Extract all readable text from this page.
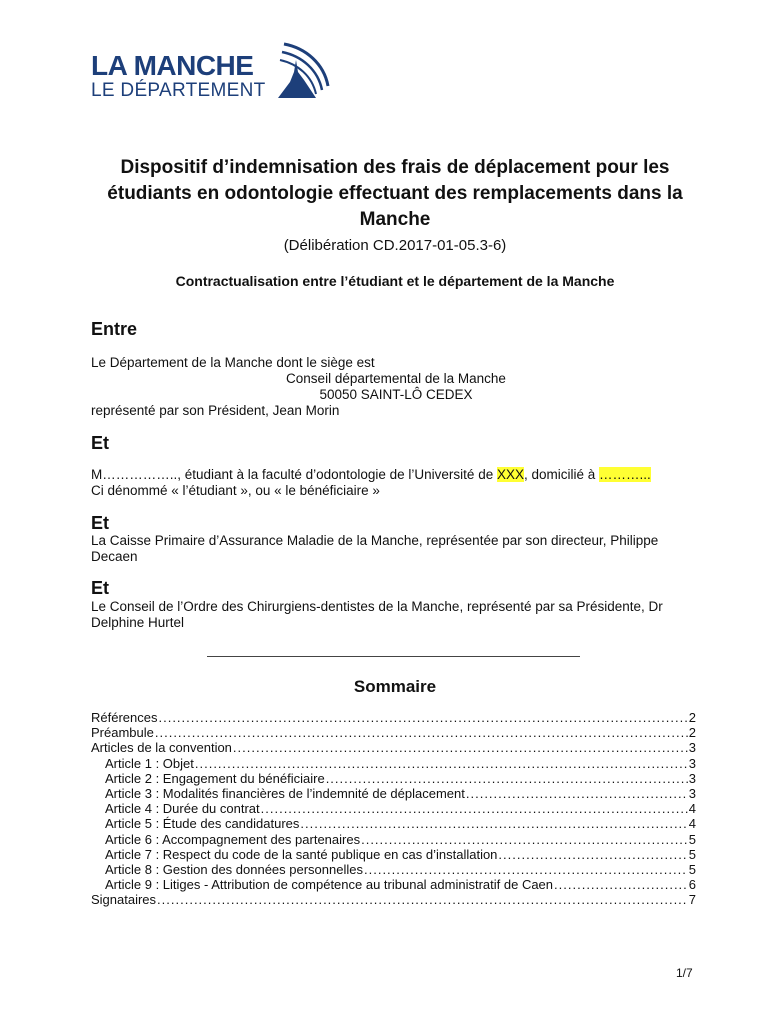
LA MANCHE
LE DÉPARTEMENT
Dispositif d’indemnisation des frais de déplacement pour les étudiants en odontologie effectuant des remplacements dans la Manche
(Délibération CD.2017-01-05.3-6)
Contractualisation entre l’étudiant et le département de la Manche
Entre
Le Département de la Manche dont le siège est

Conseil départemental de la Manche
50050 SAINT-LÔ CEDEX
représenté par son Président, Jean Morin
Et
M…………….., étudiant à la faculté d’odontologie de l’Université de XXX, domicilié à ………...
Ci dénommé « l’étudiant », ou « le bénéficiaire »
Et
La Caisse Primaire d’Assurance Maladie de la Manche, représentée par son directeur, Philippe Decaen
Et
Le Conseil de l’Ordre des Chirurgiens-dentistes de la Manche, représenté par sa Présidente, Dr Delphine Hurtel
Sommaire
Références .....	2
Préambule .....	2
Articles de la convention .....	3
Article 1 : Objet .....	3
Article 2 : Engagement du bénéficiaire .....	3
Article 3 : Modalités financières de l’indemnité de déplacement .....	3
Article 4 : Durée du contrat .....	4
Article 5 : Étude des candidatures .....	4
Article 6 : Accompagnement des partenaires .....	5
Article 7 : Respect du code de la santé publique en cas d’installation .....	5
Article 8 : Gestion des données personnelles .....	5
Article 9 : Litiges - Attribution de compétence au tribunal administratif de Caen .....	6
Signataires .....	7
1/7
